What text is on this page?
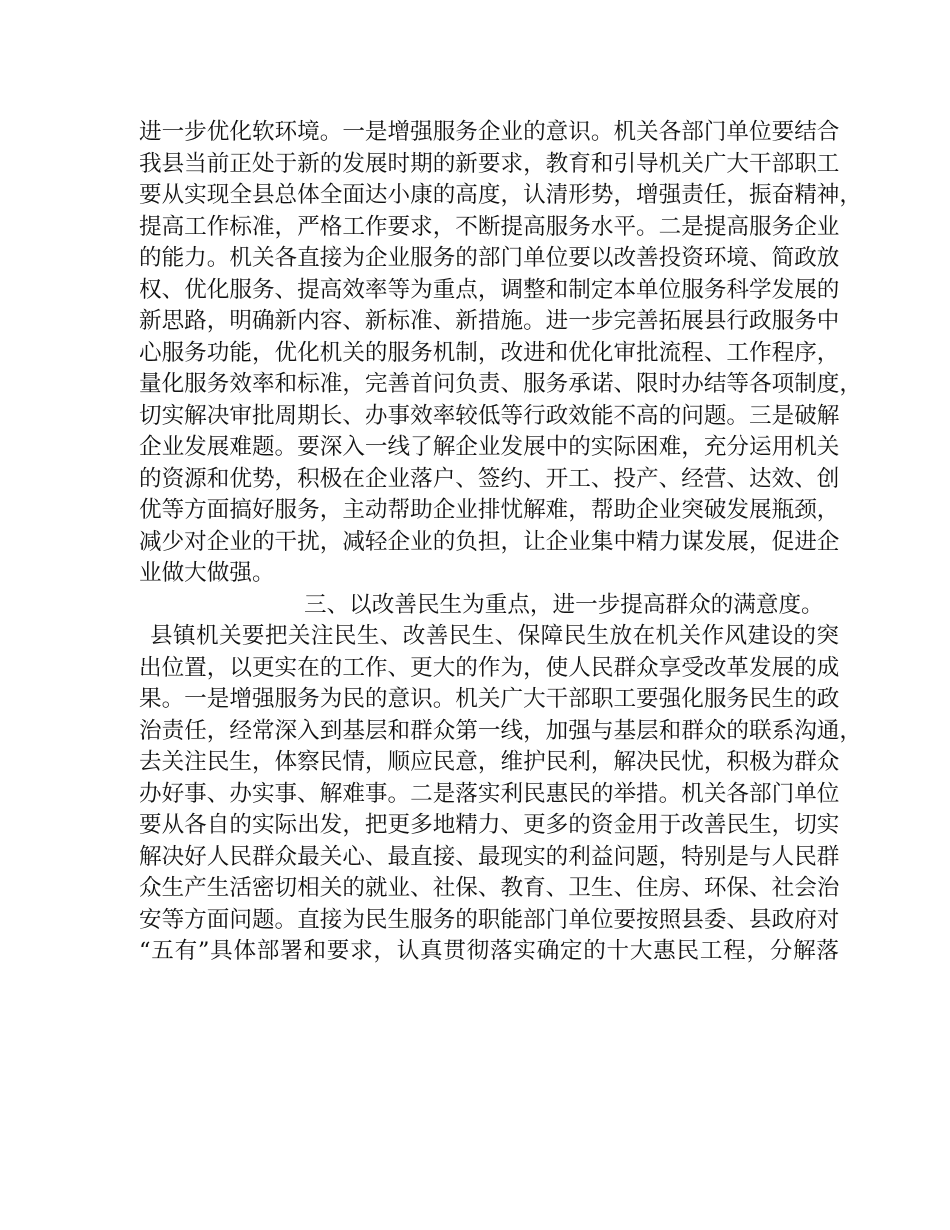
进一步优化软环境。一是增强服务企业的意识。机关各部门单位要结合
我县当前正处于新的发展时期的新要求，教育和引导机关广大干部职工
要从实现全县总体全面达小康的高度，认清形势，增强责任，振奋精神，
提高工作标准，严格工作要求，不断提高服务水平。二是提高服务企业
的能力。机关各直接为企业服务的部门单位要以改善投资环境、简政放
权、优化服务、提高效率等为重点，调整和制定本单位服务科学发展的
新思路，明确新内容、新标准、新措施。进一步完善拓展县行政服务中
心服务功能，优化机关的服务机制，改进和优化审批流程、工作程序，
量化服务效率和标准，完善首问负责、服务承诺、限时办结等各项制度，
切实解决审批周期长、办事效率较低等行政效能不高的问题。三是破解
企业发展难题。要深入一线了解企业发展中的实际困难，充分运用机关
的资源和优势，积极在企业落户、签约、开工、投产、经营、达效、创
优等方面搞好服务，主动帮助企业排忧解难，帮助企业突破发展瓶颈，
减少对企业的干扰，减轻企业的负担，让企业集中精力谋发展，促进企
业做大做强。
三、以改善民生为重点，进一步提高群众的满意度。
县镇机关要把关注民生、改善民生、保障民生放在机关作风建设的突
出位置，以更实在的工作、更大的作为，使人民群众享受改革发展的成
果。一是增强服务为民的意识。机关广大干部职工要强化服务民生的政
治责任，经常深入到基层和群众第一线，加强与基层和群众的联系沟通，
去关注民生，体察民情，顺应民意，维护民利，解决民忧，积极为群众
办好事、办实事、解难事。二是落实利民惠民的举措。机关各部门单位
要从各自的实际出发，把更多地精力、更多的资金用于改善民生，切实
解决好人民群众最关心、最直接、最现实的利益问题，特别是与人民群
众生产生活密切相关的就业、社保、教育、卫生、住房、环保、社会治
安等方面问题。直接为民生服务的职能部门单位要按照县委、县政府对
“五有”具体部署和要求，认真贯彻落实确定的十大惠民工程，分解落
